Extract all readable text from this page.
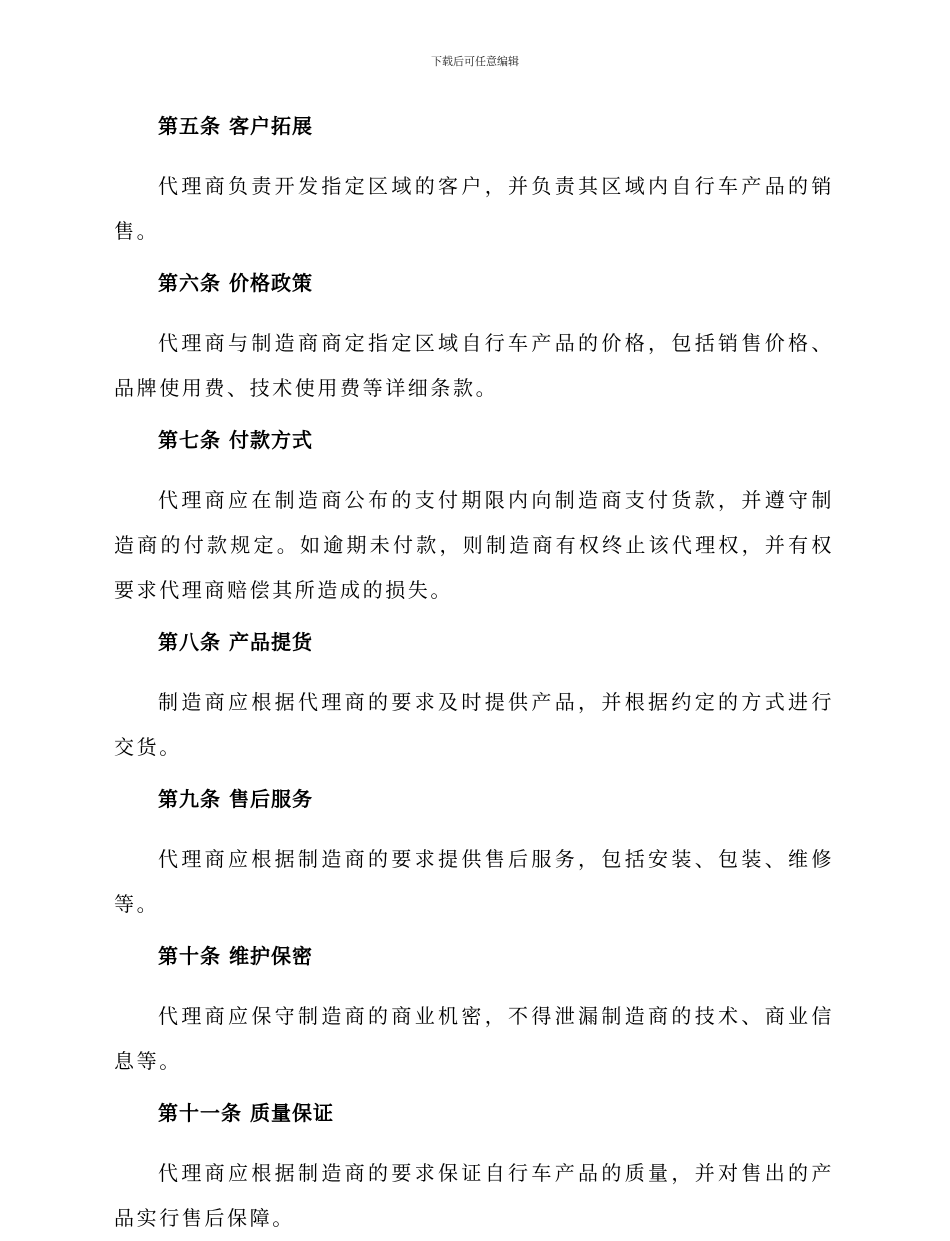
下载后可任意编辑

第五条 客户拓展

代理商负责开发指定区域的客户，并负责其区域内自行车产品的销售。

第六条 价格政策

代理商与制造商商定指定区域自行车产品的价格，包括销售价格、品牌使用费、技术使用费等详细条款。

第七条 付款方式

代理商应在制造商公布的支付期限内向制造商支付货款，并遵守制造商的付款规定。如逾期未付款，则制造商有权终止该代理权，并有权要求代理商赔偿其所造成的损失。

第八条 产品提货

制造商应根据代理商的要求及时提供产品，并根据约定的方式进行交货。

第九条 售后服务

代理商应根据制造商的要求提供售后服务，包括安装、包装、维修等。

第十条 维护保密

代理商应保守制造商的商业机密，不得泄漏制造商的技术、商业信息等。

第十一条 质量保证

代理商应根据制造商的要求保证自行车产品的质量，并对售出的产品实行售后保障。
